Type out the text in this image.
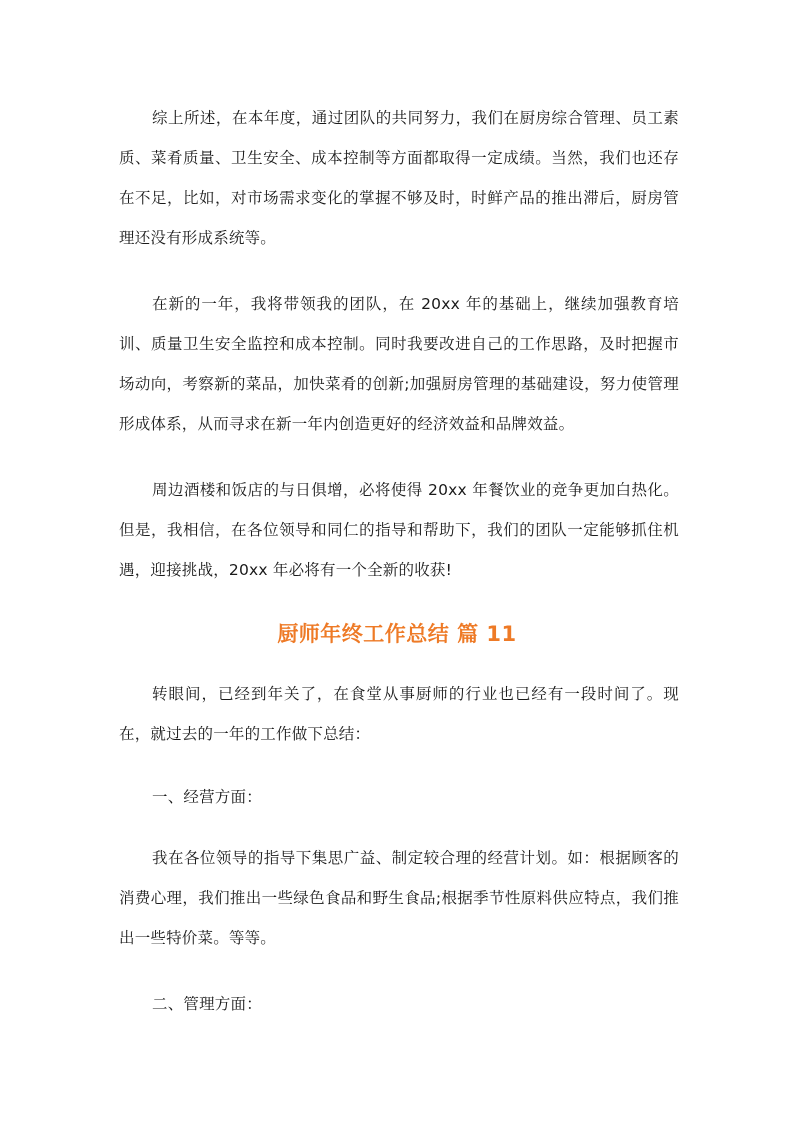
综上所述，在本年度，通过团队的共同努力，我们在厨房综合管理、员工素质、菜肴质量、卫生安全、成本控制等方面都取得一定成绩。当然，我们也还存在不足，比如，对市场需求变化的掌握不够及时，时鲜产品的推出滞后，厨房管理还没有形成系统等。

在新的一年，我将带领我的团队，在 20xx 年的基础上，继续加强教育培训、质量卫生安全监控和成本控制。同时我要改进自己的工作思路，及时把握市场动向，考察新的菜品，加快菜肴的创新;加强厨房管理的基础建设，努力使管理形成体系，从而寻求在新一年内创造更好的经济效益和品牌效益。

周边酒楼和饭店的与日俱增，必将使得 20xx 年餐饮业的竞争更加白热化。但是，我相信，在各位领导和同仁的指导和帮助下，我们的团队一定能够抓住机遇，迎接挑战，20xx 年必将有一个全新的收获!

厨师年终工作总结 篇 11

转眼间，已经到年关了，在食堂从事厨师的行业也已经有一段时间了。现在，就过去的一年的工作做下总结：

一、经营方面：

我在各位领导的指导下集思广益、制定较合理的经营计划。如：根据顾客的消费心理，我们推出一些绿色食品和野生食品;根据季节性原料供应特点，我们推出一些特价菜。等等。

二、管理方面：
